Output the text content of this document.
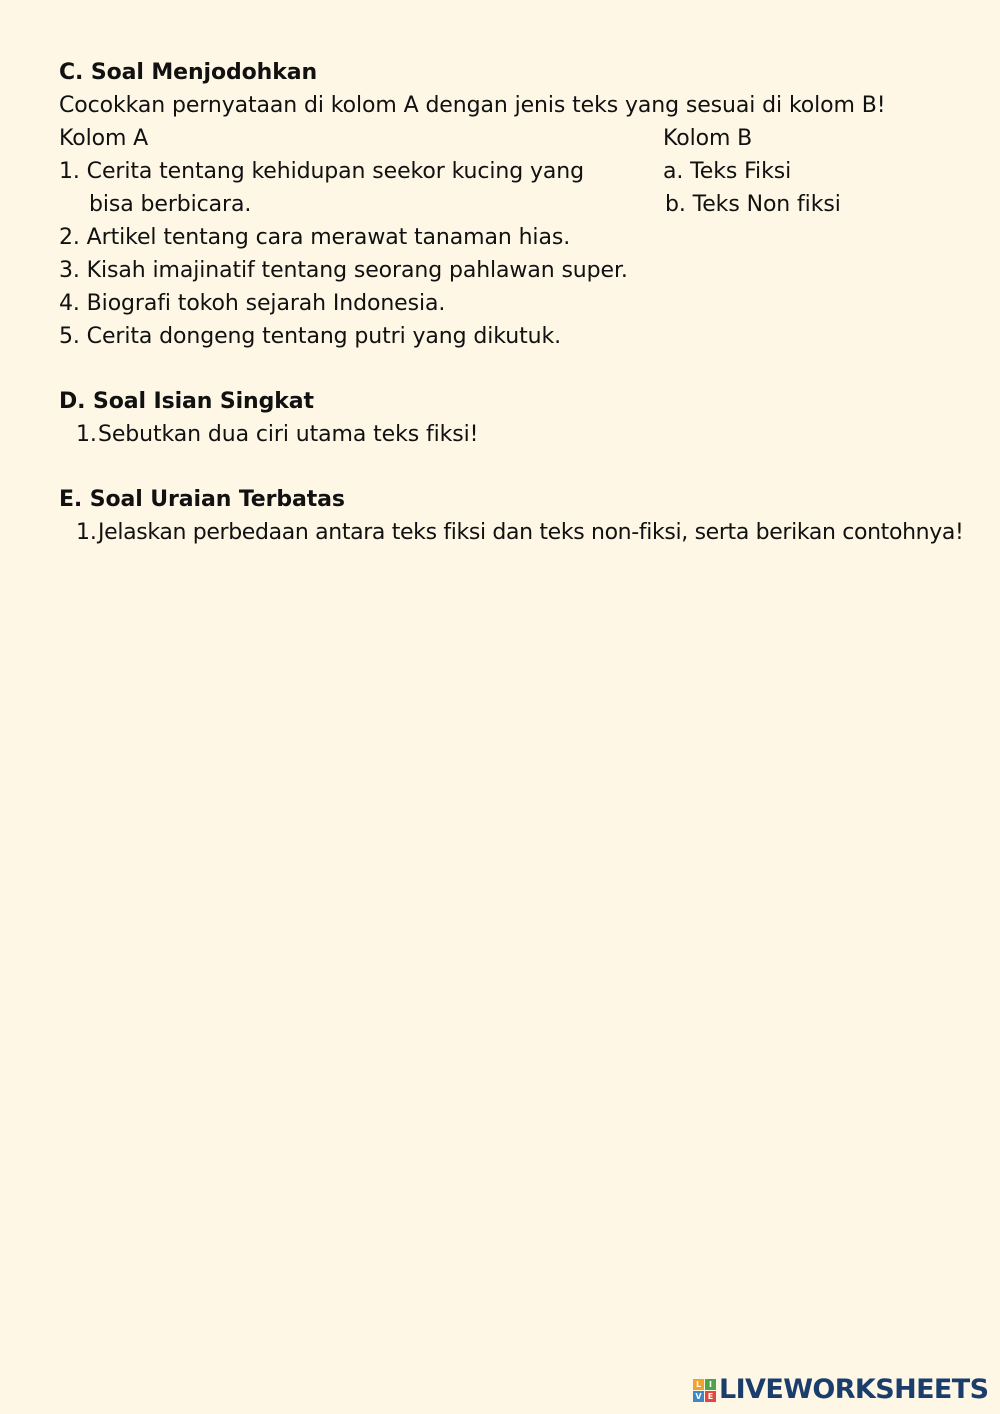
C. Soal Menjodohkan
Cocokkan pernyataan di kolom A dengan jenis teks yang sesuai di kolom B!
Kolom A	Kolom B
1. Cerita tentang kehidupan seekor kucing yang
bisa berbicara.
2. Artikel tentang cara merawat tanaman hias.
3. Kisah imajinatif tentang seorang pahlawan super.
4. Biografi tokoh sejarah Indonesia.
5. Cerita dongeng tentang putri yang dikutuk.
a. Teks Fiksi
b. Teks Non fiksi
D. Soal Isian Singkat
1. Sebutkan dua ciri utama teks fiksi!
E. Soal Uraian Terbatas
1. Jelaskan perbedaan antara teks fiksi dan teks non-fiksi, serta berikan contohnya!
L I
V E LIVEWORKSHEETS
